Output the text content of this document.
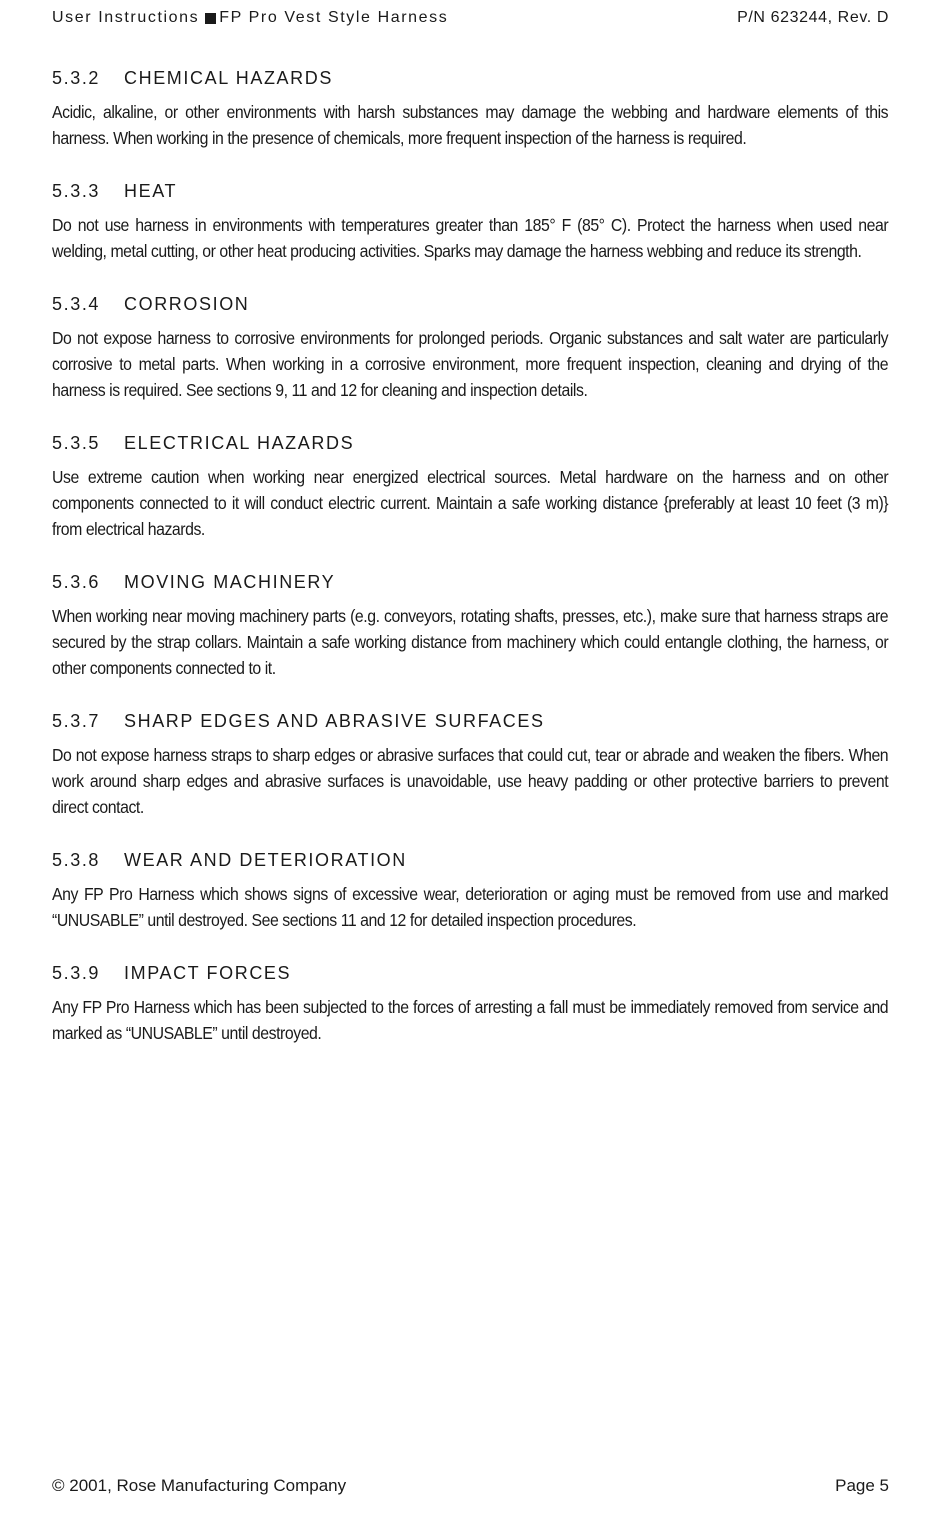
User Instructions FP Pro Vest Style Harness	P/N 623244, Rev. D
5.3.2	CHEMICAL HAZARDS

Acidic, alkaline, or other environments with harsh substances may damage the webbing and hardware elements of this harness. When working in the presence of chemicals, more frequent inspection of the harness is required.

5.3.3	HEAT

Do not use harness in environments with temperatures greater than 185° F (85° C). Protect the harness when used near welding, metal cutting, or other heat producing activities. Sparks may damage the harness webbing and reduce its strength.

5.3.4	CORROSION

Do not expose harness to corrosive environments for prolonged periods. Organic substances and salt water are particularly corrosive to metal parts. When working in a corrosive environment, more frequent inspection, cleaning and drying of the harness is required. See sections 9, 11 and 12 for cleaning and inspection details.

5.3.5	ELECTRICAL HAZARDS

Use extreme caution when working near energized electrical sources. Metal hardware on the harness and on other components connected to it will conduct electric current. Maintain a safe working distance {preferably at least 10 feet (3 m)} from electrical hazards.

5.3.6	MOVING MACHINERY

When working near moving machinery parts (e.g. conveyors, rotating shafts, presses, etc.), make sure that harness straps are secured by the strap collars. Maintain a safe working distance from machinery which could entangle clothing, the harness, or other components connected to it.

5.3.7	SHARP EDGES AND ABRASIVE SURFACES

Do not expose harness straps to sharp edges or abrasive surfaces that could cut, tear or abrade and weaken the fibers. When work around sharp edges and abrasive surfaces is unavoidable, use heavy padding or other protective barriers to prevent direct contact.

5.3.8	WEAR AND DETERIORATION

Any FP Pro Harness which shows signs of excessive wear, deterioration or aging must be removed from use and marked “UNUSABLE” until destroyed. See sections 11 and 12 for detailed inspection procedures.

5.3.9	IMPACT FORCES

Any FP Pro Harness which has been subjected to the forces of arresting a fall must be immediately removed from service and marked as “UNUSABLE” until destroyed.

© 2001, Rose Manufacturing Company	Page 5
